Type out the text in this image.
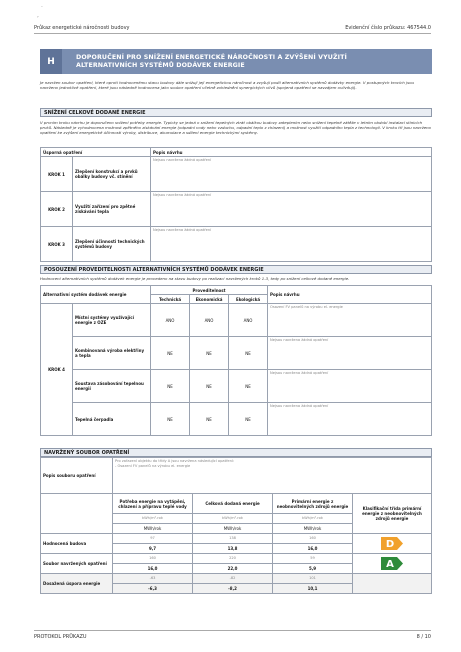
·
,
Průkaz energetické náročnosti budovy	Evidenční číslo průkazu: 467544.0
H	DOPORUČENÍ PRO SNÍŽENÍ ENERGETICKÉ NÁROČNOSTI A ZVÝŠENÍ VYUŽITÍ
ALTERNATIVNÍCH SYSTÉMŮ DODÁVEK ENERGIE
Je navržen soubor opatření, které oproti hodnocenému stavu budovy dále snižují její energetickou náročnost a zvyšují podíl alternativních systémů dodávky energie. V postupných krocích jsou navrženo jednotlivé opatření, které jsou následně hodnocena jako soubor opatření včetně zohlednění synergických vlivů (spojená opatření se navzájem ovlivňují).
SNÍŽENÍ CELKOVÉ DODANÉ ENERGIE
V prvním kroku návrhu je doporučeno snížení potřeby energie. Typicky se jedná o snížení tepelných ztrát obálkou budovy zateplením nebo snížení tepelné zátěže v letním období instalací stínicích prvků. Následně je vyhodnocena možnost zpětného získávání energie (odpadní vody nebo vzduchu, odpadní teplo z chlazení) a možnost využití odpadního tepla z technologií. V kroku tři jsou navrženo opatření ke zvýšení energetické účinnosti výroby, distribuce, akumulace a sdílení energie technickými systémy.
Úsporná opatření		Popis návrhu
KROK 1	Zlepšení konstrukcí a prvků obálky budovy vč. stínění	Nejsou navržena žádná opatření
KROK 2	Využití zařízení pro zpětné získávání tepla	Nejsou navržena žádná opatření
KROK 3	Zlepšení účinnosti technických systémů budovy	Nejsou navržena žádná opatření
POSOUZENÍ PROVEDITELNOSTI ALTERNATIVNÍCH SYSTÉMŮ DODÁVEK ENERGIE
Hodnocení alternativních systémů dodávek energie je provedeno na stavu budovy po realizaci navržených kroků 1-3, tedy po snížení celkové dodané energie.
Alternativní systém dodávek energie		Proveditelnost			Popis návrhu
		Technická	Ekonomická	Ekologická	
KROK 4	Místní systémy využívající energie z OZE	ANO	ANO	ANO	Osazení FV panelů na výrobu el. energie
	Kombinovaná výroba elektřiny a tepla	NE	NE	NE	Nejsou navržena žádná opatření
	Soustava zásobování tepelnou energií	NE	NE	NE	Nejsou navržena žádná opatření
	Tepelná čerpadla	NE	NE	NE	Nejsou navržena žádná opatření
NAVRŽENÝ SOUBOR OPATŘENÍ
Popis souboru opatření	Pro zařazení objektu do třídy A jsou navržena následující opatření:
- Osazení FV panelů na výrobu el. energie			

	Potřeba energie na vytápění, chlazení a přípravu teplé vody	Celková dodaná energie	Primární energie z neobnovitelných zdrojů energie	Klasifikační třída primární energie z neobnovitelných zdrojů energie
	kWh/m².rok	kWh/m².rok	kWh/m².rok	
	MWh/rok	MWh/rok	MWh/rok	
Hodnocená budova	97	138	160	D

	9,7	13,8	16,0	
Soubor navržených opatření	160	220	59	A

	16,0	22,0	5,9	
Dosažená úspora energie	-63	-82	101	
	-6,3	-8,2	10,1	
PROTOKOL PRŮKAZU	8 / 10
